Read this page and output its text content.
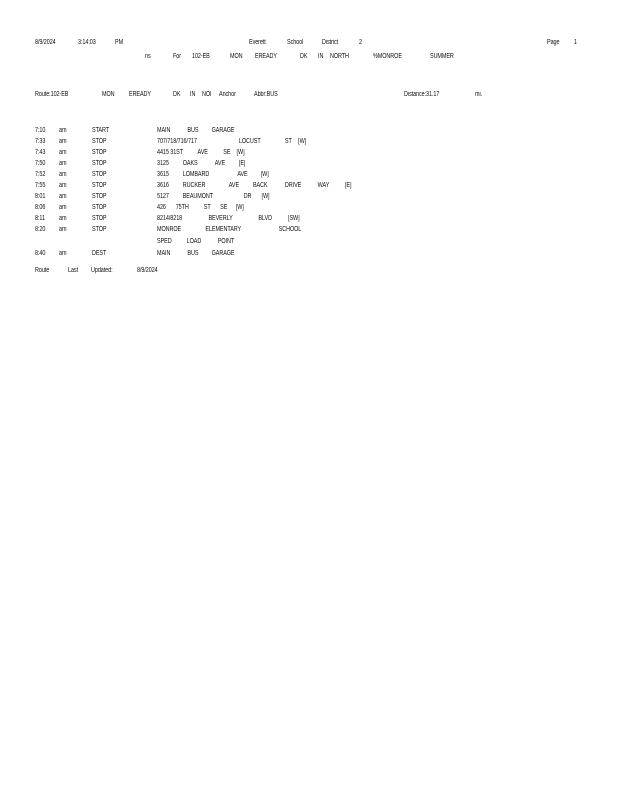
8/9/2024	3:14:03	PM	Everett	School	District	2	Page 1
ns	For 102-EB	MON EREADY	DK IN NORTH	%MONROE	SUMMER
Route:102-EB	MON EREADY	DK IN NOI Anchor	Abbr:BUS	Distance:31.17	mi.
7:10 am	START	MAIN BUS GARAGE
7:33 am	STOP	707/718/716/717	LOCUST	ST [W]
7:43 am	STOP	441531ST AVE SE [W]
7:50 am	STOP	3125 OAKS AVE [E]
7:52 am	STOP	3615 LOMBARD	AVE [W]
7:55 am	STOP	3616 RUCKER	AVE BACK DRIVE WAY [E]
8:01 am	STOP	5127 BEAUMONT	DR [W]
8:06 am	STOP	426 75TH ST SE [W]
8:11 am	STOP	8214/8218	BEVERLY	BLVD [SW]
8:20 am	STOP	MONROE	ELEMENTARY	SCHOOL
SPED LOAD POINT
8:40 am	DEST	MAIN BUS GARAGE
Route	Last Updated:	8/9/2024
